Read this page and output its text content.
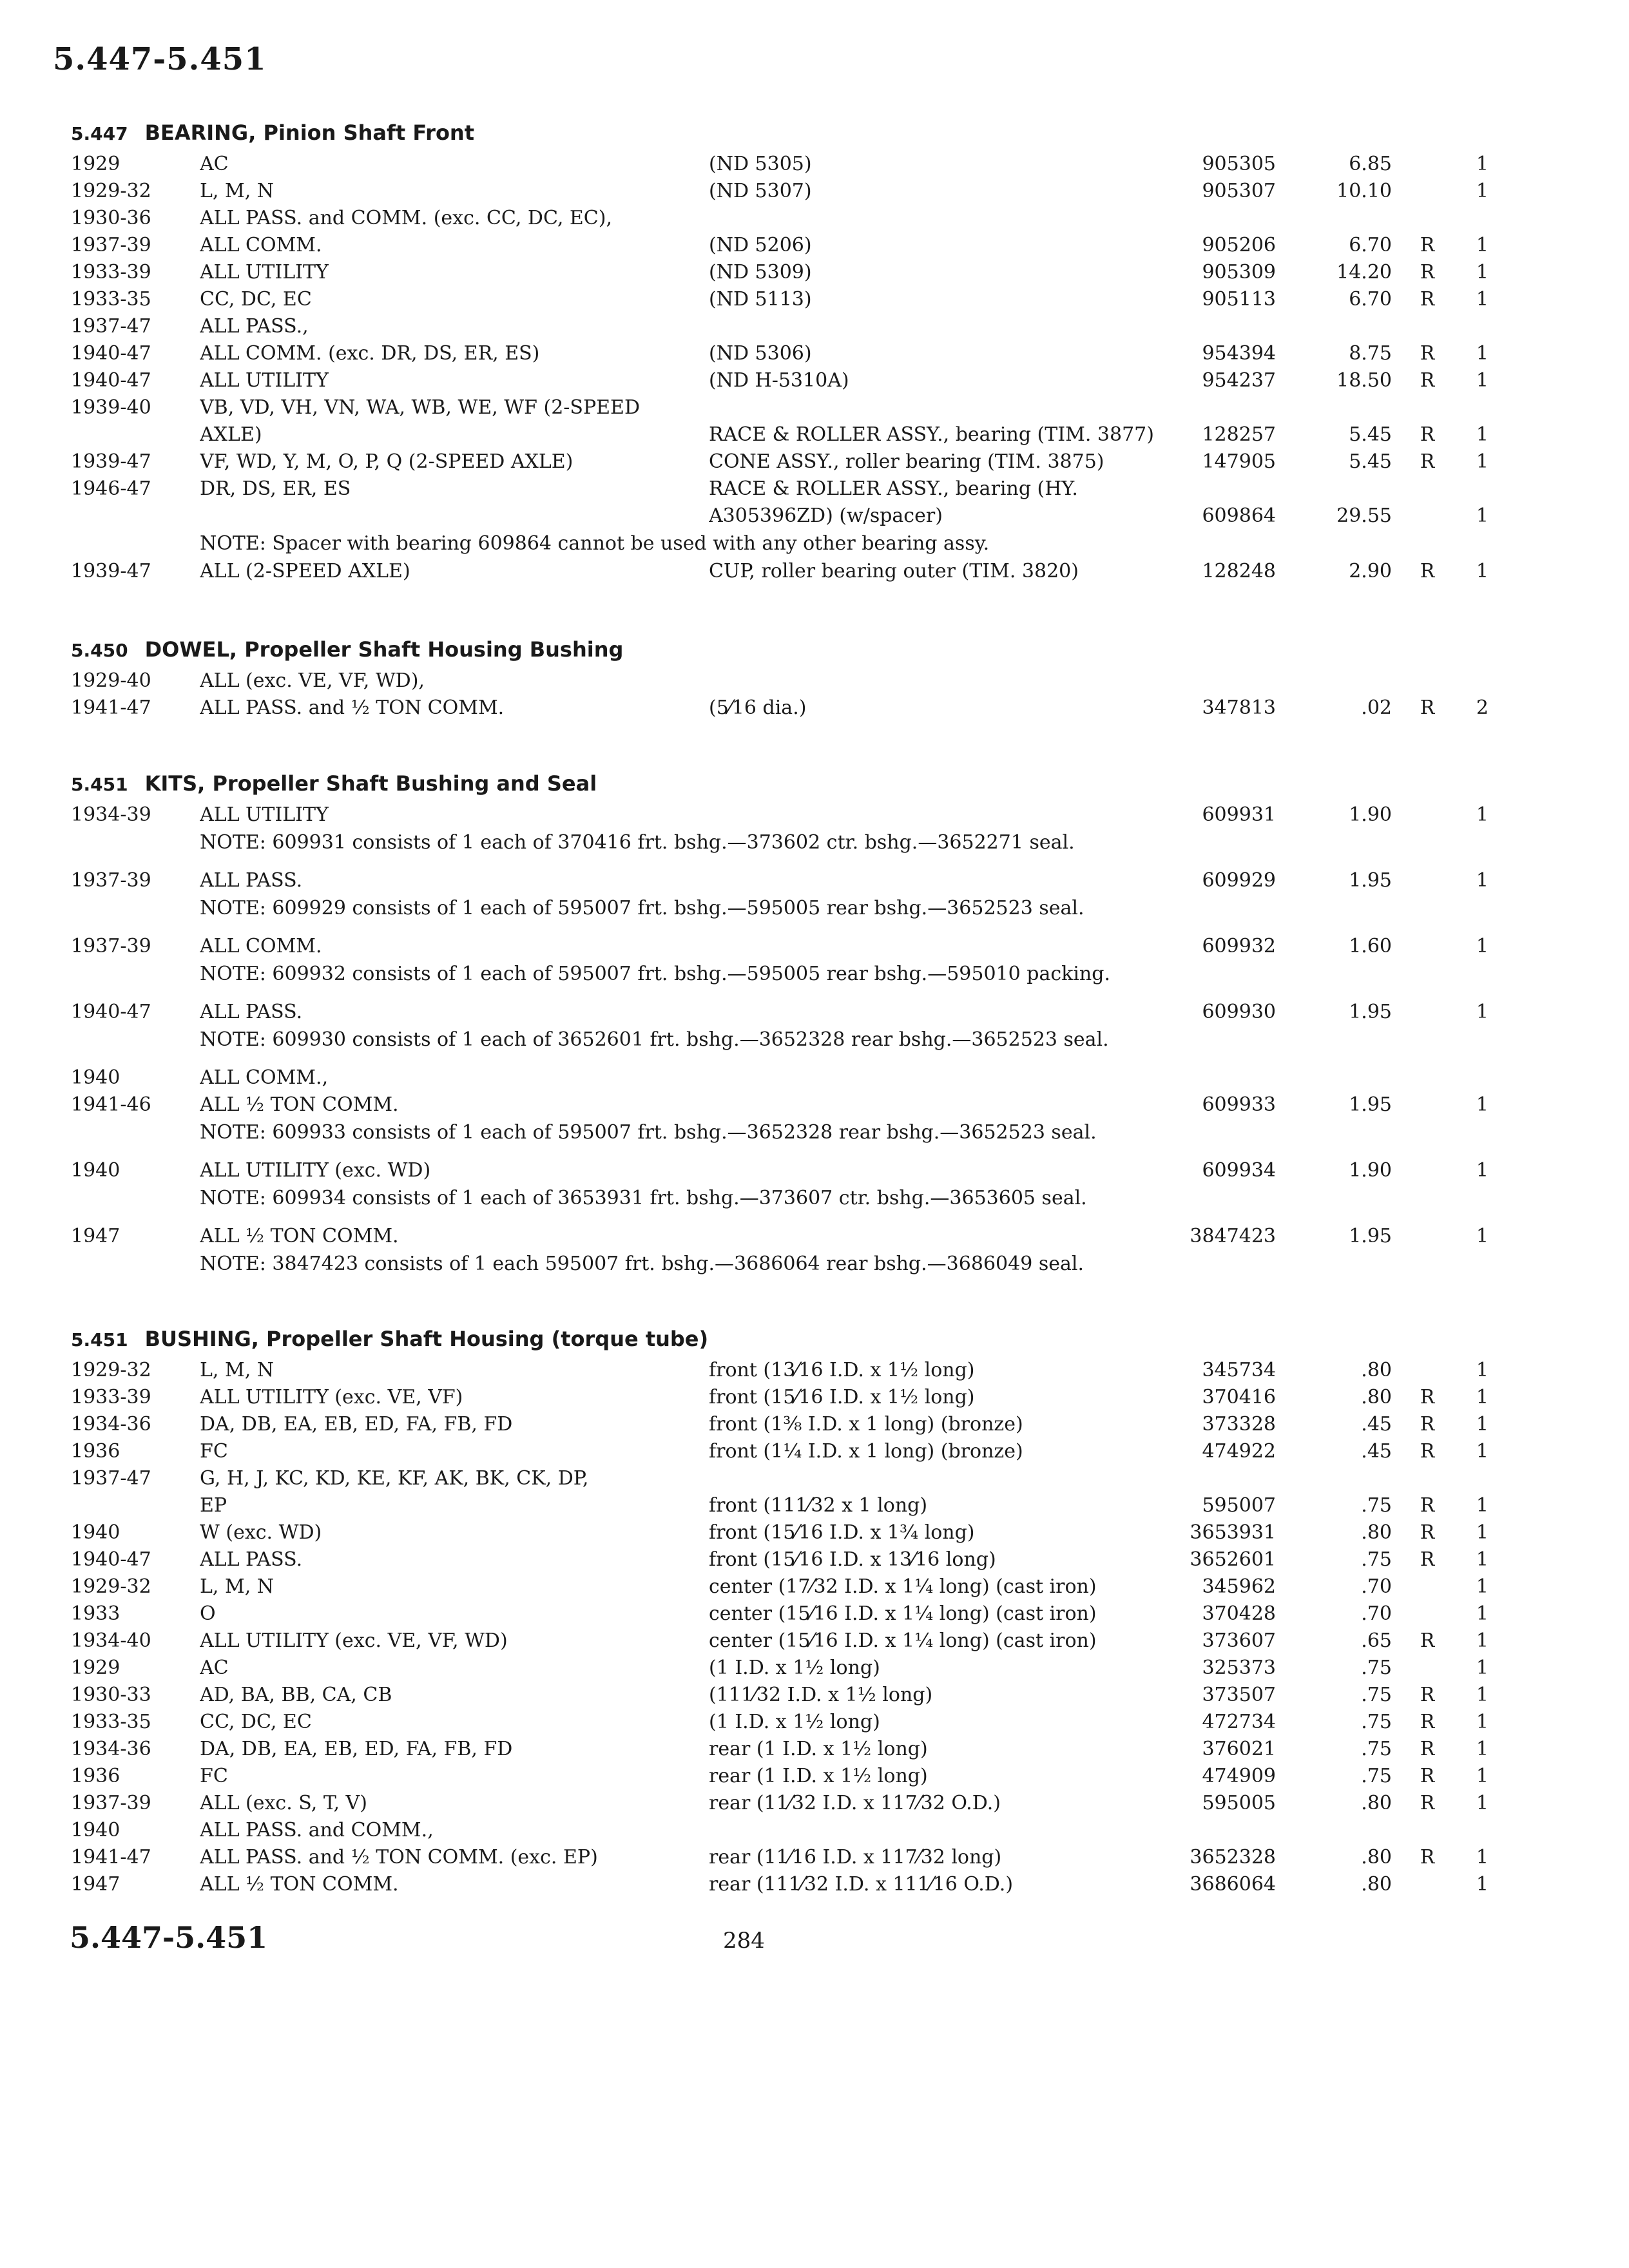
5.447-5.451
5.447 BEARING, Pinion Shaft Front
1929	AC	(ND 5305)	905305	6.85	1
1929-32	L, M, N	(ND 5307)	905307	10.10	1
1930-36	ALL PASS. and COMM. (exc. CC, DC, EC),
1937-39	ALL COMM.	(ND 5206)	905206	6.70 R	1
1933-39	ALL UTILITY	(ND 5309)	905309	14.20 R	1
1933-35	CC, DC, EC	(ND 5113)	905113	6.70 R	1
1937-47	ALL PASS.,
1940-47	ALL COMM. (exc. DR, DS, ER, ES)	(ND 5306)	954394	8.75 R	1
1940-47	ALL UTILITY	(ND H-5310A)	954237	18.50 R	1
1939-40	VB, VD, VH, VN, WA, WB, WE, WF (2-SPEED
AXLE)	RACE & ROLLER ASSY., bearing (TIM. 3877)	128257	5.45 R	1
1939-47	VF, WD, Y, M, O, P, Q (2-SPEED AXLE)	CONE ASSY., roller bearing (TIM. 3875)	147905	5.45 R	1
1946-47	DR, DS, ER, ES	RACE & ROLLER ASSY., bearing (HY.
A305396ZD) (w/spacer)	609864	29.55	1
NOTE: Spacer with bearing 609864 cannot be used with any other bearing assy.
1939-47	ALL (2-SPEED AXLE)	CUP, roller bearing outer (TIM. 3820)	128248	2.90 R	1
5.450 DOWEL, Propeller Shaft Housing Bushing
1929-40	ALL (exc. VE, VF, WD),
1941-47	ALL PASS. and ½ TON COMM.	(5⁄16 dia.)	347813	.02 R	2
5.451 KITS, Propeller Shaft Bushing and Seal
1934-39	ALL UTILITY	609931	1.90	1
NOTE: 609931 consists of 1 each of 370416 frt. bshg.—373602 ctr. bshg.—3652271 seal.
1937-39	ALL PASS.	609929	1.95	1
NOTE: 609929 consists of 1 each of 595007 frt. bshg.—595005 rear bshg.—3652523 seal.
1937-39	ALL COMM.	609932	1.60	1
NOTE: 609932 consists of 1 each of 595007 frt. bshg.—595005 rear bshg.—595010 packing.
1940-47	ALL PASS.	609930	1.95	1
NOTE: 609930 consists of 1 each of 3652601 frt. bshg.—3652328 rear bshg.—3652523 seal.
1940	ALL COMM.,
1941-46	ALL ½ TON COMM.	609933	1.95	1
NOTE: 609933 consists of 1 each of 595007 frt. bshg.—3652328 rear bshg.—3652523 seal.
1940	ALL UTILITY (exc. WD)	609934	1.90	1
NOTE: 609934 consists of 1 each of 3653931 frt. bshg.—373607 ctr. bshg.—3653605 seal.
1947	ALL ½ TON COMM.	3847423	1.95	1
NOTE: 3847423 consists of 1 each 595007 frt. bshg.—3686064 rear bshg.—3686049 seal.
5.451 BUSHING, Propeller Shaft Housing (torque tube)
1929-32	L, M, N	front (13⁄16 I.D. x 1½ long)	345734	.80	1
1933-39	ALL UTILITY (exc. VE, VF)	front (15⁄16 I.D. x 1½ long)	370416	.80 R	1
1934-36	DA, DB, EA, EB, ED, FA, FB, FD	front (1⅜ I.D. x 1 long) (bronze)	373328	.45 R	1
1936	FC	front (1¼ I.D. x 1 long) (bronze)	474922	.45 R	1
1937-47	G, H, J, KC, KD, KE, KF, AK, BK, CK, DP,
EP	front (111⁄32 x 1 long)	595007	.75 R	1
1940	W (exc. WD)	front (15⁄16 I.D. x 1¾ long)	3653931	.80 R	1
1940-47	ALL PASS.	front (15⁄16 I.D. x 13⁄16 long)	3652601	.75 R	1
1929-32	L, M, N	center (17⁄32 I.D. x 1¼ long) (cast iron)	345962	.70	1
1933	O	center (15⁄16 I.D. x 1¼ long) (cast iron)	370428	.70	1
1934-40	ALL UTILITY (exc. VE, VF, WD)	center (15⁄16 I.D. x 1¼ long) (cast iron)	373607	.65 R	1
1929	AC	(1 I.D. x 1½ long)	325373	.75	1
1930-33	AD, BA, BB, CA, CB	(111⁄32 I.D. x 1½ long)	373507	.75 R	1
1933-35	CC, DC, EC	(1 I.D. x 1½ long)	472734	.75 R	1
1934-36	DA, DB, EA, EB, ED, FA, FB, FD	rear (1 I.D. x 1½ long)	376021	.75 R	1
1936	FC	rear (1 I.D. x 1½ long)	474909	.75 R	1
1937-39	ALL (exc. S, T, V)	rear (11⁄32 I.D. x 117⁄32 O.D.)	595005	.80 R	1
1940	ALL PASS. and COMM.,
1941-47	ALL PASS. and ½ TON COMM. (exc. EP)	rear (11⁄16 I.D. x 117⁄32 long)	3652328	.80 R	1
1947	ALL ½ TON COMM.	rear (111⁄32 I.D. x 111⁄16 O.D.)	3686064	.80	1
5.447-5.451	284
